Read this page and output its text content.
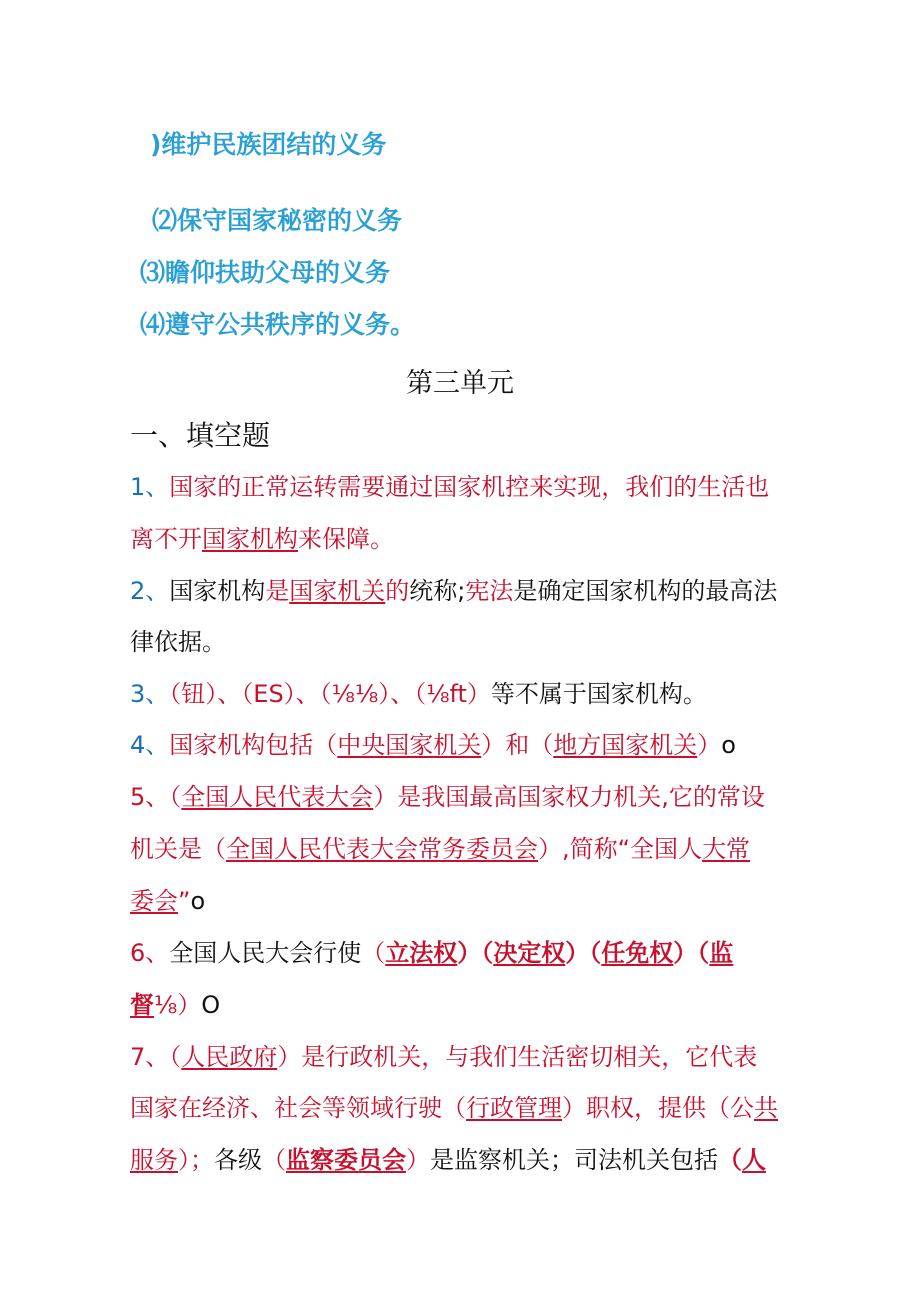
)维护民族团结的义务
⑵保守国家秘密的义务
⑶瞻仰扶助父母的义务
⑷遵守公共秩序的义务。
第三单元
一、填空题
1、国家的正常运转需要通过国家机控来实现，我们的生活也
离不开国家机构来保障。
2、国家机构是国家机关的统称;宪法是确定国家机构的最高法
律依据。
3、（钮）、（ES）、（⅛⅛）、（⅛ft）等不属于国家机构。
4、国家机构包括（中央国家机关）和（地方国家机关）o
5、（全国人民代表大会）是我国最高国家权力机关,它的常设
机关是（全国人民代表大会常务委员会）,简称“全国人大常
委会”o
6、全国人民大会行使（立法权）（决定权）（任免权）（监
督⅛）O
7、（人民政府）是行政机关，与我们生活密切相关，它代表
国家在经济、社会等领域行驶（行政管理）职权，提供（公共
服务）；各级（监察委员会）是监察机关；司法机关包括（人
